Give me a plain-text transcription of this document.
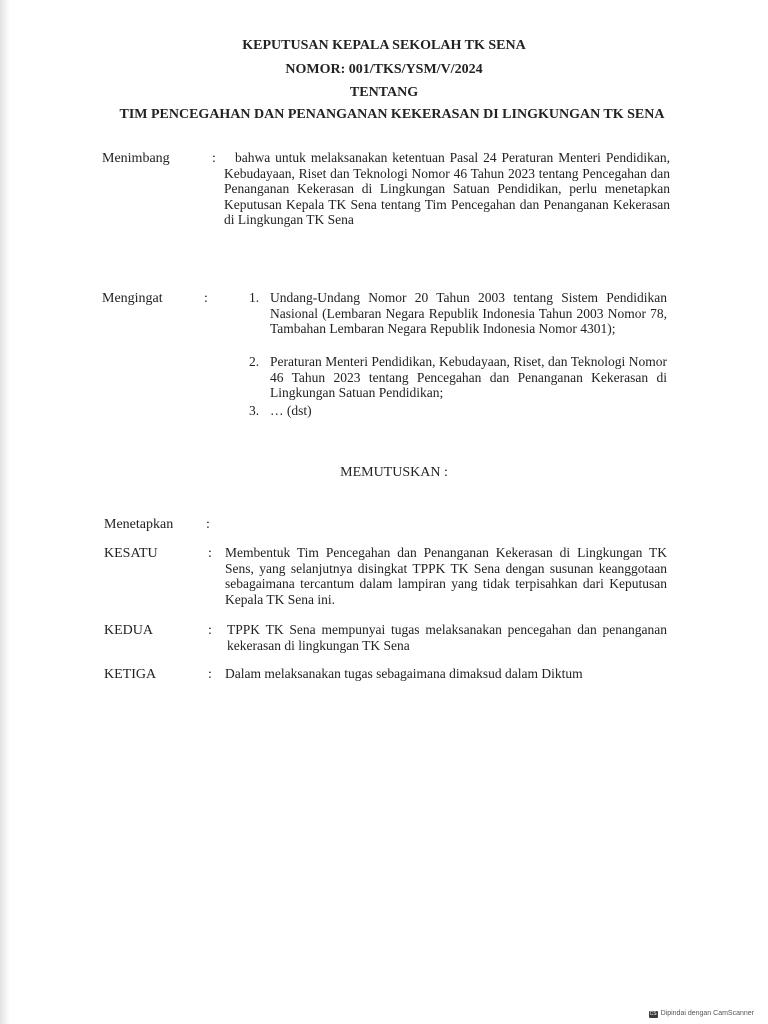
KEPUTUSAN KEPALA SEKOLAH TK SENA
NOMOR: 001/TKS/YSM/V/2024
TENTANG
TIM PENCEGAHAN DAN PENANGANAN KEKERASAN DI LINGKUNGAN TK SENA
Menimbang	:	bahwa untuk melaksanakan ketentuan Pasal 24 Peraturan Menteri Pendidikan, Kebudayaan, Riset dan Teknologi Nomor 46 Tahun 2023 tentang Pencegahan dan Penanganan Kekerasan di Lingkungan Satuan Pendidikan, perlu menetapkan Keputusan Kepala TK Sena tentang Tim Pencegahan dan Penanganan Kekerasan di Lingkungan TK Sena
Mengingat	:	1. Undang-Undang Nomor 20 Tahun 2003 tentang Sistem Pendidikan Nasional (Lembaran Negara Republik Indonesia Tahun 2003 Nomor 78, Tambahan Lembaran Negara Republik Indonesia Nomor 4301);
2. Peraturan Menteri Pendidikan, Kebudayaan, Riset, dan Teknologi Nomor 46 Tahun 2023 tentang Pencegahan dan Penanganan Kekerasan di Lingkungan Satuan Pendidikan;
3. … (dst)
MEMUTUSKAN :
Menetapkan :
KESATU	: Membentuk Tim Pencegahan dan Penanganan Kekerasan di Lingkungan TK Sens, yang selanjutnya disingkat TPPK TK Sena dengan susunan keanggotaan sebagaimana tercantum dalam lampiran yang tidak terpisahkan dari Keputusan Kepala TK Sena ini.
KEDUA	: TPPK TK Sena mempunyai tugas melaksanakan pencegahan dan penanganan kekerasan di lingkungan TK Sena
KETIGA	: Dalam melaksanakan tugas sebagaimana dimaksud dalam Diktum
CS Dipindai dengan CamScanner
